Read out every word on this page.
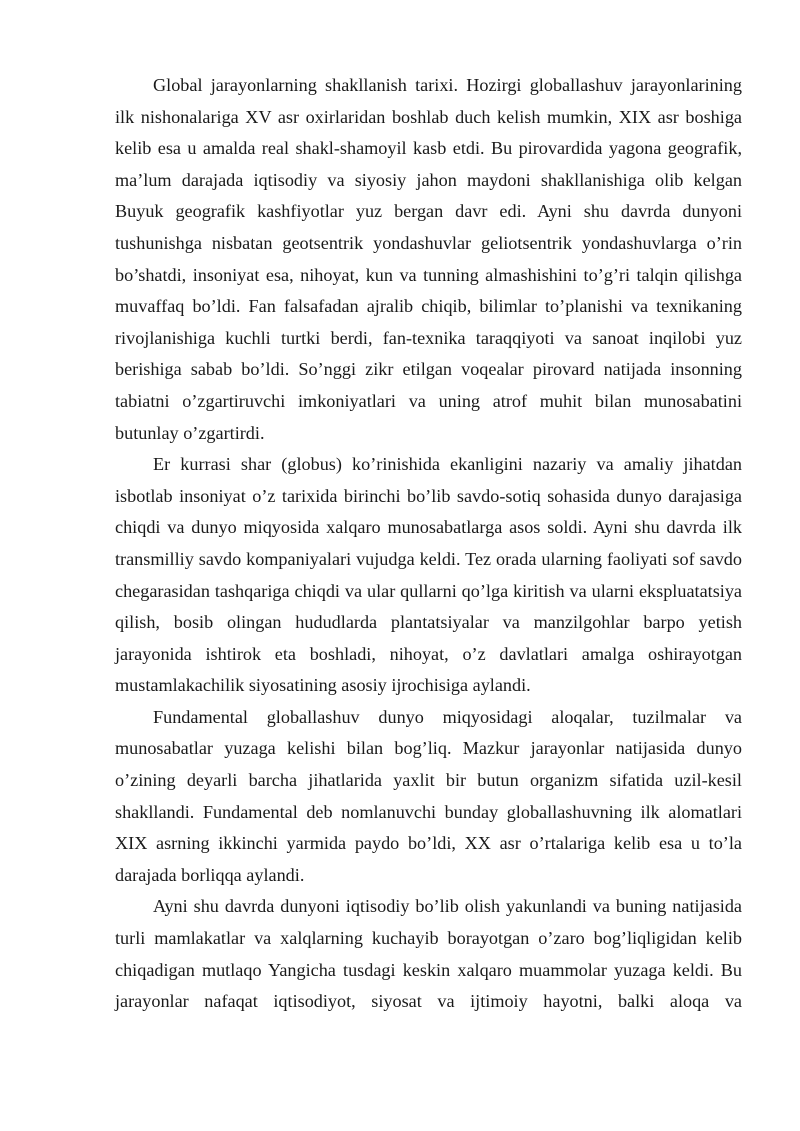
Global jarayonlarning shakllanish tarixi. Hozirgi globallashuv jarayonlarining ilk nishonalariga XV asr oxirlaridan boshlab duch kelish mumkin, XIX asr boshiga kelib esa u amalda real shakl-shamoyil kasb etdi. Bu pirovardida yagona geografik, ma’lum darajada iqtisodiy va siyosiy jahon maydoni shakllanishiga olib kelgan Buyuk geografik kashfiyotlar yuz bergan davr edi. Ayni shu davrda dunyoni tushunishga nisbatan geotsentrik yondashuvlar geliotsentrik yondashuvlarga o’rin bo’shatdi, insoniyat esa, nihoyat, kun va tunning almashishini to’g’ri talqin qilishga muvaffaq bo’ldi. Fan falsafadan ajralib chiqib, bilimlar to’planishi va texnikaning rivojlanishiga kuchli turtki berdi, fan-texnika taraqqiyoti va sanoat inqilobi yuz berishiga sabab bo’ldi. So’nggi zikr etilgan voqealar pirovard natijada insonning tabiatni o’zgartiruvchi imkoniyatlari va uning atrof muhit bilan munosabatini butunlay o’zgartirdi.

Er kurrasi shar (globus) ko’rinishida ekanligini nazariy va amaliy jihatdan isbotlab insoniyat o’z tarixida birinchi bo’lib savdo-sotiq sohasida dunyo darajasiga chiqdi va dunyo miqyosida xalqaro munosabatlarga asos soldi. Ayni shu davrda ilk transmilliy savdo kompaniyalari vujudga keldi. Tez orada ularning faoliyati sof savdo chegarasidan tashqariga chiqdi va ular qullarni qo’lga kiritish va ularni ekspluatatsiya qilish, bosib olingan hududlarda plantatsiyalar va manzilgohlar barpo yetish jarayonida ishtirok eta boshladi, nihoyat, o’z davlatlari amalga oshirayotgan mustamlakachilik siyosatining asosiy ijrochisiga aylandi.

Fundamental globallashuv dunyo miqyosidagi aloqalar, tuzilmalar va munosabatlar yuzaga kelishi bilan bog’liq. Mazkur jarayonlar natijasida dunyo o’zining deyarli barcha jihatlarida yaxlit bir butun organizm sifatida uzil-kesil shakllandi. Fundamental deb nomlanuvchi bunday globallashuvning ilk alomatlari XIX asrning ikkinchi yarmida paydo bo’ldi, XX asr o’rtalariga kelib esa u to’la darajada borliqqa aylandi.

Ayni shu davrda dunyoni iqtisodiy bo’lib olish yakunlandi va buning natijasida turli mamlakatlar va xalqlarning kuchayib borayotgan o’zaro bog’liqligidan kelib chiqadigan mutlaqo Yangicha tusdagi keskin xalqaro muammolar yuzaga keldi. Bu jarayonlar nafaqat iqtisodiyot, siyosat va ijtimoiy hayotni, balki aloqa va
